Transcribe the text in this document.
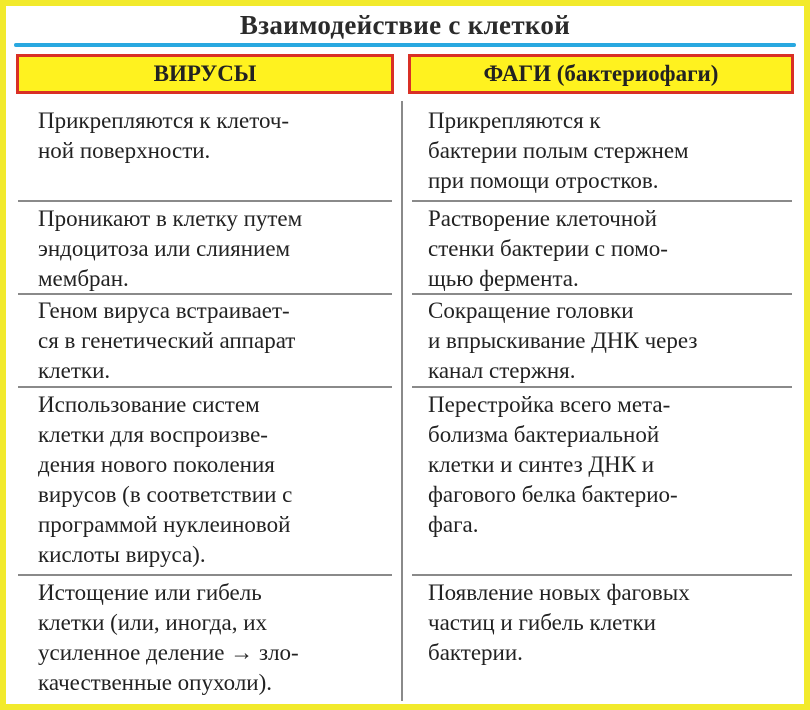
Взаимодействие с клеткой
ВИРУСЫ	ФАГИ (бактериофаги)
Прикрепляются к клеточ-
ной поверхности.
Прикрепляются к
бактерии полым стержнем
при помощи отростков.
Проникают в клетку путем
эндоцитоза или слиянием
мембран.
Растворение клеточной
стенки бактерии с помо-
щью фермента.
Геном вируса встраивает-
ся в генетический аппарат
клетки.
Сокращение головки
и впрыскивание ДНК через
канал стержня.
Использование систем
клетки для воспроизве-
дения нового поколения
вирусов (в соответствии с
программой нуклеиновой
кислоты вируса).
Перестройка всего мета-
болизма бактериальной
клетки и синтез ДНК и
фагового белка бактерио-
фага.
Истощение или гибель
клетки (или, иногда, их
усиленное деление → зло-
качественные опухоли).
Появление новых фаговых
частиц и гибель клетки
бактерии.
